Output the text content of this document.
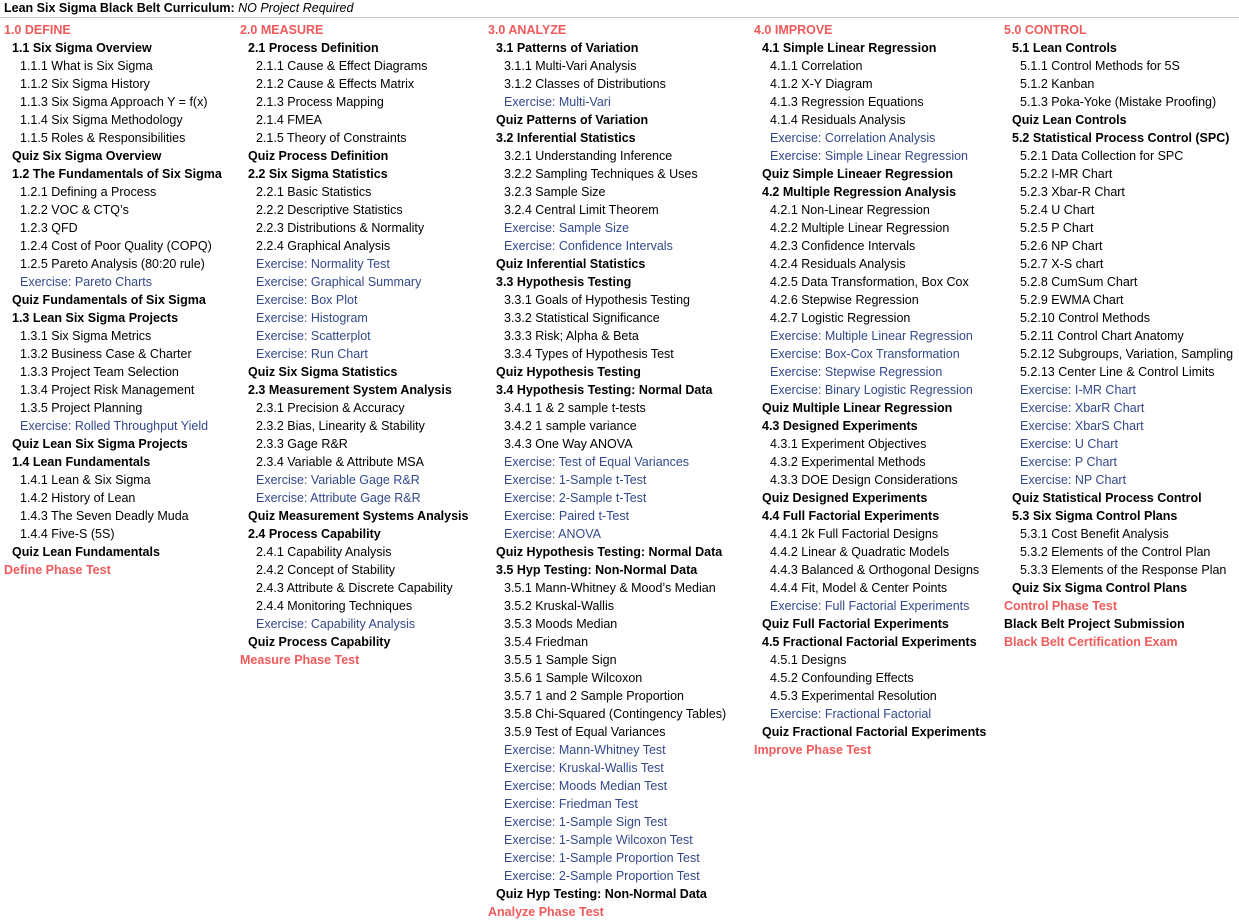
Lean Six Sigma Black Belt Curriculum: NO Project Required
1.0 DEFINE
1.1 Six Sigma Overview
1.1.1 What is Six Sigma
1.1.2 Six Sigma History
1.1.3 Six Sigma Approach Y = f(x)
1.1.4 Six Sigma Methodology
1.1.5 Roles & Responsibilities
Quiz Six Sigma Overview
1.2 The Fundamentals of Six Sigma
1.2.1 Defining a Process
1.2.2 VOC & CTQ’s
1.2.3 QFD
1.2.4 Cost of Poor Quality (COPQ)
1.2.5 Pareto Analysis (80:20 rule)
Exercise: Pareto Charts
Quiz Fundamentals of Six Sigma
1.3 Lean Six Sigma Projects
1.3.1 Six Sigma Metrics
1.3.2 Business Case & Charter
1.3.3 Project Team Selection
1.3.4 Project Risk Management
1.3.5 Project Planning
Exercise: Rolled Throughput Yield
Quiz Lean Six Sigma Projects
1.4 Lean Fundamentals
1.4.1 Lean & Six Sigma
1.4.2 History of Lean
1.4.3 The Seven Deadly Muda
1.4.4 Five-S (5S)
Quiz Lean Fundamentals
Define Phase Test
2.0 MEASURE
2.1 Process Definition
2.1.1 Cause & Effect Diagrams
2.1.2 Cause & Effects Matrix
2.1.3 Process Mapping
2.1.4 FMEA
2.1.5 Theory of Constraints
Quiz Process Definition
2.2 Six Sigma Statistics
2.2.1 Basic Statistics
2.2.2 Descriptive Statistics
2.2.3 Distributions & Normality
2.2.4 Graphical Analysis
Exercise: Normality Test
Exercise: Graphical Summary
Exercise: Box Plot
Exercise: Histogram
Exercise: Scatterplot
Exercise: Run Chart
Quiz Six Sigma Statistics
2.3 Measurement System Analysis
2.3.1 Precision & Accuracy
2.3.2 Bias, Linearity & Stability
2.3.3 Gage R&R
2.3.4 Variable & Attribute MSA
Exercise: Variable Gage R&R
Exercise: Attribute Gage R&R
Quiz Measurement Systems Analysis
2.4 Process Capability
2.4.1 Capability Analysis
2.4.2 Concept of Stability
2.4.3 Attribute & Discrete Capability
2.4.4 Monitoring Techniques
Exercise: Capability Analysis
Quiz Process Capability
Measure Phase Test
3.0 ANALYZE
3.1 Patterns of Variation
3.1.1 Multi-Vari Analysis
3.1.2 Classes of Distributions
Exercise: Multi-Vari
Quiz Patterns of Variation
3.2 Inferential Statistics
3.2.1 Understanding Inference
3.2.2 Sampling Techniques & Uses
3.2.3 Sample Size
3.2.4 Central Limit Theorem
Exercise: Sample Size
Exercise: Confidence Intervals
Quiz Inferential Statistics
3.3 Hypothesis Testing
3.3.1 Goals of Hypothesis Testing
3.3.2 Statistical Significance
3.3.3 Risk; Alpha & Beta
3.3.4 Types of Hypothesis Test
Quiz Hypothesis Testing
3.4 Hypothesis Testing: Normal Data
3.4.1 1 & 2 sample t-tests
3.4.2 1 sample variance
3.4.3 One Way ANOVA
Exercise: Test of Equal Variances
Exercise: 1-Sample t-Test
Exercise: 2-Sample t-Test
Exercise: Paired t-Test
Exercise: ANOVA
Quiz Hypothesis Testing: Normal Data
3.5 Hyp Testing: Non-Normal Data
3.5.1 Mann-Whitney & Mood’s Median
3.5.2 Kruskal-Wallis
3.5.3 Moods Median
3.5.4 Friedman
3.5.5 1 Sample Sign
3.5.6 1 Sample Wilcoxon
3.5.7 1 and 2 Sample Proportion
3.5.8 Chi-Squared (Contingency Tables)
3.5.9 Test of Equal Variances
Exercise: Mann-Whitney Test
Exercise: Kruskal-Wallis Test
Exercise: Moods Median Test
Exercise: Friedman Test
Exercise: 1-Sample Sign Test
Exercise: 1-Sample Wilcoxon Test
Exercise: 1-Sample Proportion Test
Exercise: 2-Sample Proportion Test
Quiz Hyp Testing: Non-Normal Data
Analyze Phase Test
4.0 IMPROVE
4.1 Simple Linear Regression
4.1.1 Correlation
4.1.2 X-Y Diagram
4.1.3 Regression Equations
4.1.4 Residuals Analysis
Exercise: Correlation Analysis
Exercise: Simple Linear Regression
Quiz Simple Lineaer Regression
4.2 Multiple Regression Analysis
4.2.1 Non-Linear Regression
4.2.2 Multiple Linear Regression
4.2.3 Confidence Intervals
4.2.4 Residuals Analysis
4.2.5 Data Transformation, Box Cox
4.2.6 Stepwise Regression
4.2.7 Logistic Regression
Exercise: Multiple Linear Regression
Exercise: Box-Cox Transformation
Exercise: Stepwise Regression
Exercise: Binary Logistic Regression
Quiz Multiple Linear Regression
4.3 Designed Experiments
4.3.1 Experiment Objectives
4.3.2 Experimental Methods
4.3.3 DOE Design Considerations
Quiz Designed Experiments
4.4 Full Factorial Experiments
4.4.1 2k Full Factorial Designs
4.4.2 Linear & Quadratic Models
4.4.3 Balanced & Orthogonal Designs
4.4.4 Fit, Model & Center Points
Exercise: Full Factorial Experiments
Quiz Full Factorial Experiments
4.5 Fractional Factorial Experiments
4.5.1 Designs
4.5.2 Confounding Effects
4.5.3 Experimental Resolution
Exercise: Fractional Factorial
Quiz Fractional Factorial Experiments
Improve Phase Test
5.0 CONTROL
5.1 Lean Controls
5.1.1 Control Methods for 5S
5.1.2 Kanban
5.1.3 Poka-Yoke (Mistake Proofing)
Quiz Lean Controls
5.2 Statistical Process Control (SPC)
5.2.1 Data Collection for SPC
5.2.2 I-MR Chart
5.2.3 Xbar-R Chart
5.2.4 U Chart
5.2.5 P Chart
5.2.6 NP Chart
5.2.7 X-S chart
5.2.8 CumSum Chart
5.2.9 EWMA Chart
5.2.10 Control Methods
5.2.11 Control Chart Anatomy
5.2.12 Subgroups, Variation, Sampling
5.2.13 Center Line & Control Limits
Exercise: I-MR Chart
Exercise: XbarR Chart
Exercise: XbarS Chart
Exercise: U Chart
Exercise: P Chart
Exercise: NP Chart
Quiz Statistical Process Control
5.3 Six Sigma Control Plans
5.3.1 Cost Benefit Analysis
5.3.2 Elements of the Control Plan
5.3.3 Elements of the Response Plan
Quiz Six Sigma Control Plans
Control Phase Test
Black Belt Project Submission
Black Belt Certification Exam
